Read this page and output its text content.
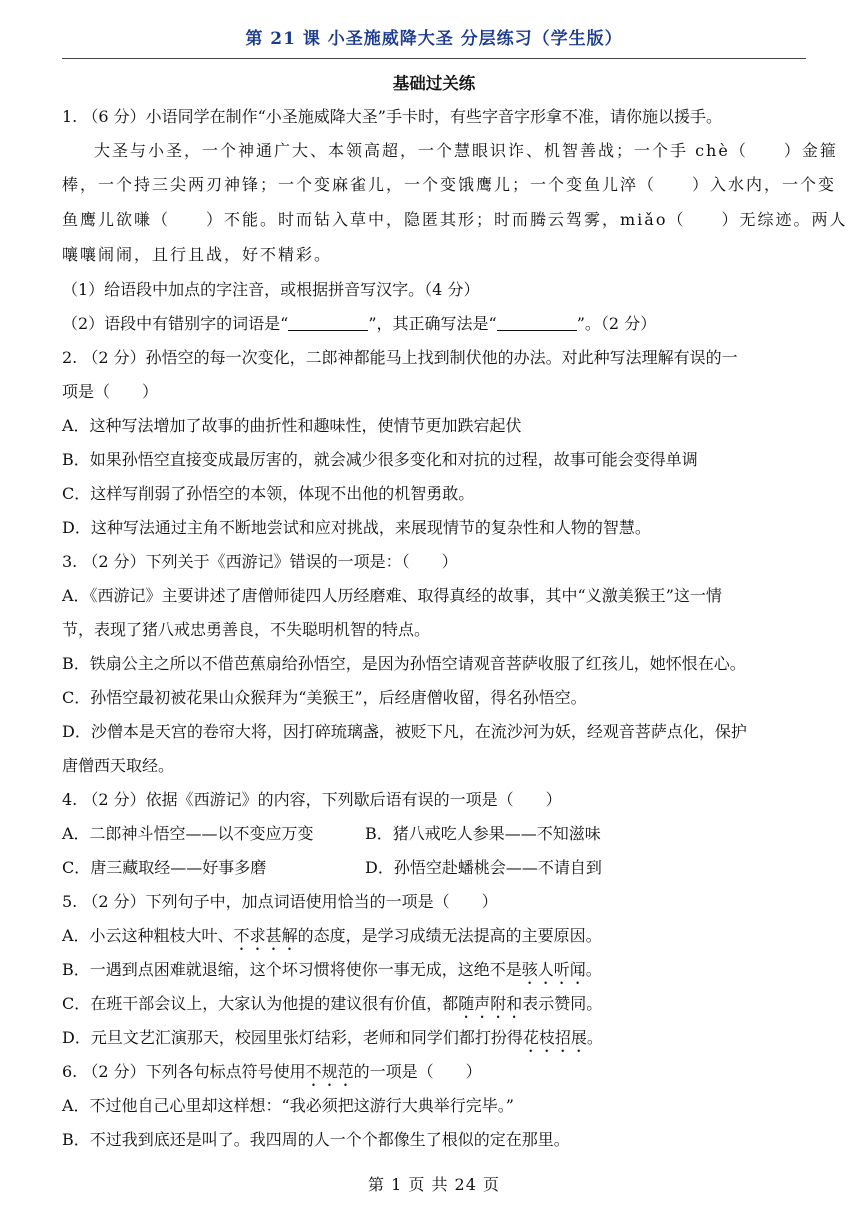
第 21 课 小圣施威降大圣 分层练习（学生版）
基础过关练
1. （6 分）小语同学在制作“小圣施威降大圣”手卡时，有些字音字形拿不准，请你施以援手。
大圣与小圣，一个神通广大、本领高超，一个慧眼识诈、机智善战；一个手 chè（　　）金箍
棒，一个持三尖两刃神锋；一个变麻雀儿，一个变饿鹰儿；一个变鱼儿淬（　　）入水内，一个变
鱼鹰儿欲嗛（　　）不能。时而钻入草中，隐匿其形；时而腾云驾雾，miǎo（　　）无综迹。两人
嚷嚷闹闹，且行且战，好不精彩。
（1）给语段中加点的字注音，或根据拼音写汉字。（4 分）
（2）语段中有错别字的词语是“	”，其正确写法是“	”。（2 分）
2. （2 分）孙悟空的每一次变化，二郎神都能马上找到制伏他的办法。对此种写法理解有误的一
项是（　　）
A．这种写法增加了故事的曲折性和趣味性，使情节更加跌宕起伏
B．如果孙悟空直接变成最厉害的，就会减少很多变化和对抗的过程，故事可能会变得单调
C．这样写削弱了孙悟空的本领，体现不出他的机智勇敢。
D．这种写法通过主角不断地尝试和应对挑战，来展现情节的复杂性和人物的智慧。
3. （2 分）下列关于《西游记》错误的一项是：（　　）
A．《西游记》主要讲述了唐僧师徒四人历经磨难、取得真经的故事，其中“义激美猴王”这一情
节，表现了猪八戒忠勇善良，不失聪明机智的特点。
B．铁扇公主之所以不借芭蕉扇给孙悟空，是因为孙悟空请观音菩萨收服了红孩儿，她怀恨在心。
C．孙悟空最初被花果山众猴拜为“美猴王”，后经唐僧收留，得名孙悟空。
D．沙僧本是天宫的卷帘大将，因打碎琉璃盏，被贬下凡，在流沙河为妖，经观音菩萨点化，保护
唐僧西天取经。
4. （2 分）依据《西游记》的内容，下列歇后语有误的一项是（　　）
A．二郎神斗悟空——以不变应万变	B．猪八戒吃人参果——不知滋味
C．唐三藏取经——好事多磨	D．孙悟空赴蟠桃会——不请自到
5. （2 分）下列句子中，加点词语使用恰当的一项是（　　）
A．小云这种粗枝大叶、不求甚解的态度，是学习成绩无法提高的主要原因。
B．一遇到点困难就退缩，这个坏习惯将使你一事无成，这绝不是骇人听闻。
C．在班干部会议上，大家认为他提的建议很有价值，都随声附和表示赞同。
D．元旦文艺汇演那天，校园里张灯结彩，老师和同学们都打扮得花枝招展。
6. （2 分）下列各句标点符号使用不规范的一项是（　　）
A．不过他自己心里却这样想：“我必须把这游行大典举行完毕。”
B．不过我到底还是叫了。我四周的人一个个都像生了根似的定在那里。
第 1 页 共 24 页
